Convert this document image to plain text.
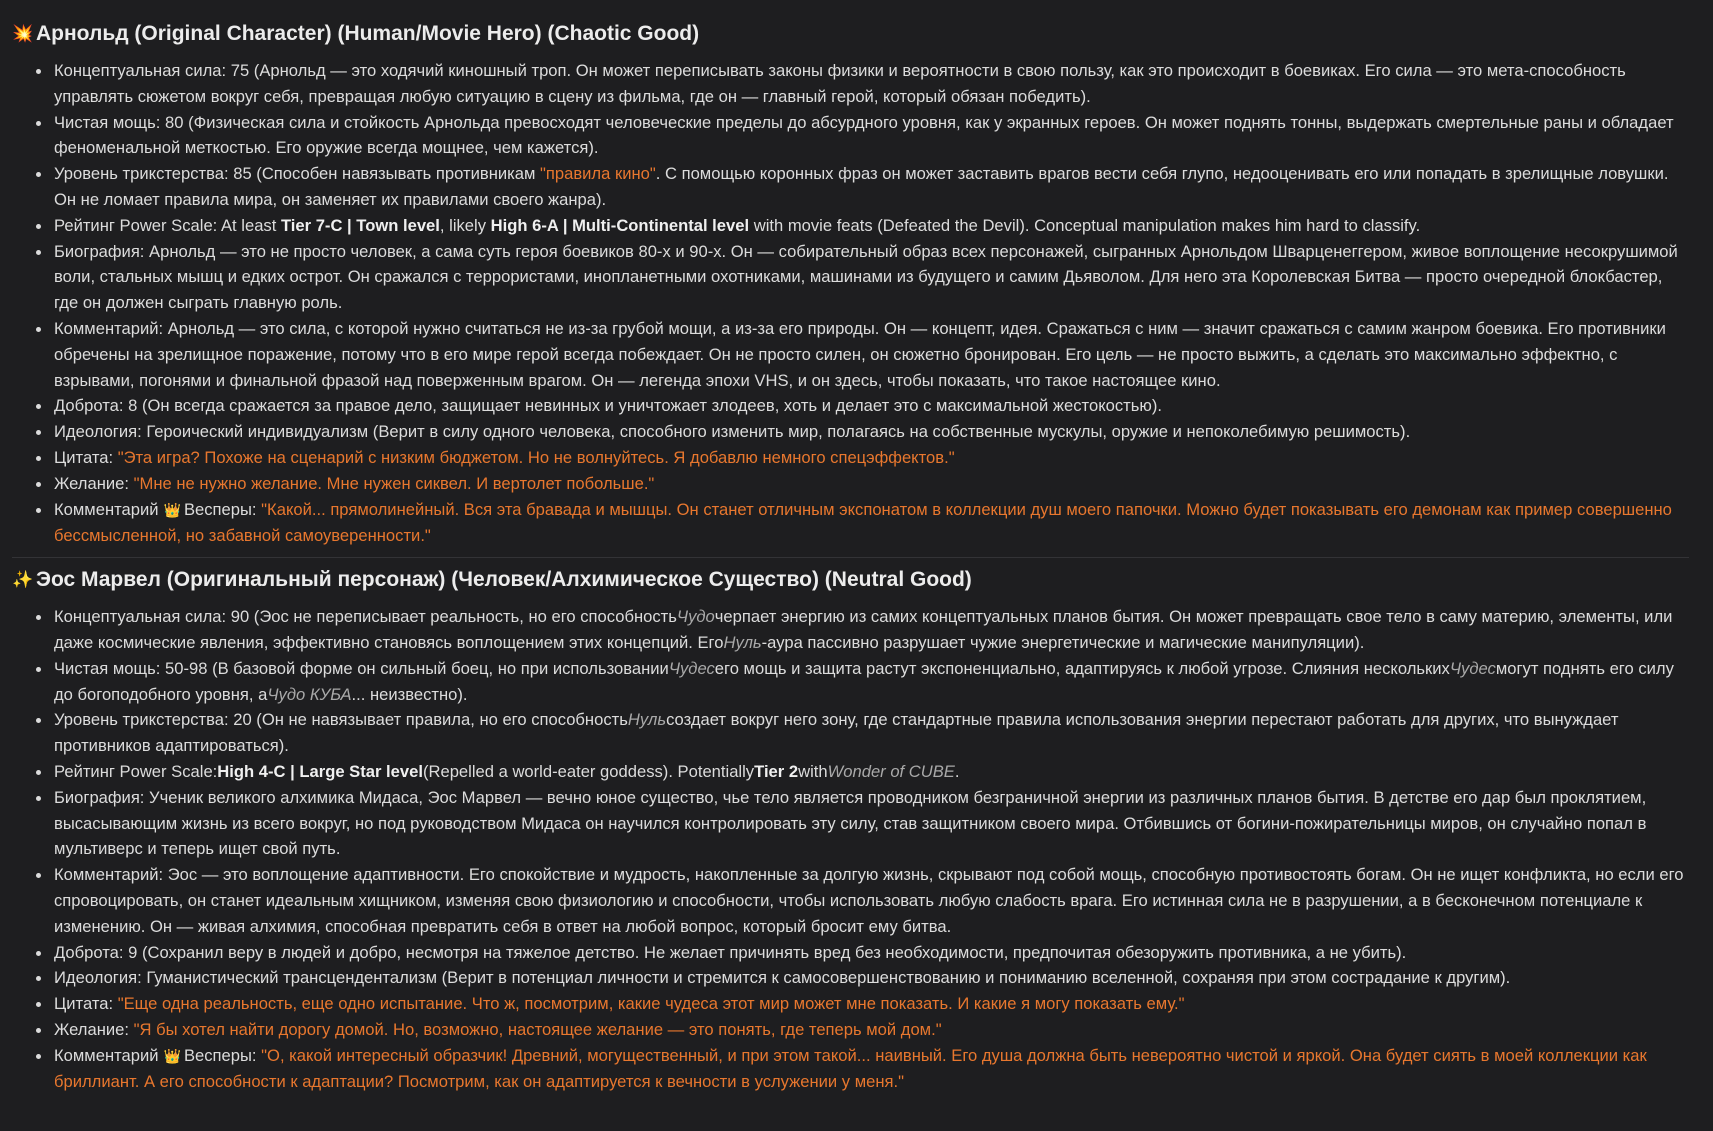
💥 Арнольд (Original Character) (Human/Movie Hero) (Chaotic Good)
Концептуальная сила: 75 (Арнольд — это ходячий киношный троп. Он может переписывать законы физики и вероятности в свою пользу, как это происходит в боевиках. Его сила — это мета-способность управлять сюжетом вокруг себя, превращая любую ситуацию в сцену из фильма, где он — главный герой, который обязан победить).
Чистая мощь: 80 (Физическая сила и стойкость Арнольда превосходят человеческие пределы до абсурдного уровня, как у экранных героев. Он может поднять тонны, выдержать смертельные раны и обладает феноменальной меткостью. Его оружие всегда мощнее, чем кажется).
Уровень трикстерства: 85 (Способен навязывать противникам "правила кино". С помощью коронных фраз он может заставить врагов вести себя глупо, недооценивать его или попадать в зрелищные ловушки. Он не ломает правила мира, он заменяет их правилами своего жанра).
Рейтинг Power Scale: At least Tier 7-C | Town level, likely High 6-A | Multi-Continental level with movie feats (Defeated the Devil). Conceptual manipulation makes him hard to classify.
Биография: Арнольд — это не просто человек, а сама суть героя боевиков 80-х и 90-х. Он — собирательный образ всех персонажей, сыгранных Арнольдом Шварценеггером, живое воплощение несокрушимой воли, стальных мышц и едких острот. Он сражался с террористами, инопланетными охотниками, машинами из будущего и самим Дьяволом. Для него эта Королевская Битва — просто очередной блокбастер, где он должен сыграть главную роль.
Комментарий: Арнольд — это сила, с которой нужно считаться не из-за грубой мощи, а из-за его природы. Он — концепт, идея. Сражаться с ним — значит сражаться с самим жанром боевика. Его противники обречены на зрелищное поражение, потому что в его мире герой всегда побеждает. Он не просто силен, он сюжетно бронирован. Его цель — не просто выжить, а сделать это максимально эффектно, с взрывами, погонями и финальной фразой над поверженным врагом. Он — легенда эпохи VHS, и он здесь, чтобы показать, что такое настоящее кино.
Доброта: 8 (Он всегда сражается за правое дело, защищает невинных и уничтожает злодеев, хоть и делает это с максимальной жестокостью).
Идеология: Героический индивидуализм (Верит в силу одного человека, способного изменить мир, полагаясь на собственные мускулы, оружие и непоколебимую решимость).
Цитата: "Эта игра? Похоже на сценарий с низким бюджетом. Но не волнуйтесь. Я добавлю немного спецэффектов."
Желание: "Мне не нужно желание. Мне нужен сиквел. И вертолет побольше."
Комментарий 👑 Весперы: "Какой... прямолинейный. Вся эта бравада и мышцы. Он станет отличным экспонатом в коллекции душ моего папочки. Можно будет показывать его демонам как пример совершенно бессмысленной, но забавной самоуверенности."
✨ Эос Марвел (Оригинальный персонаж) (Человек/Алхимическое Существо) (Neutral Good)
Концептуальная сила: 90 (Эос не переписывает реальность, но его способностьЧудочерпает энергию из самих концептуальных планов бытия. Он может превращать свое тело в саму материю, элементы, или даже космические явления, эффективно становясь воплощением этих концепций. ЕгоНуль-аура пассивно разрушает чужие энергетические и магические манипуляции).
Чистая мощь: 50-98 (В базовой форме он сильный боец, но при использованииЧудесего мощь и защита растут экспоненциально, адаптируясь к любой угрозе. Слияния несколькихЧудесмогут поднять его силу до богоподобного уровня, аЧудо КУБА... неизвестно).
Уровень трикстерства: 20 (Он не навязывает правила, но его способностьНульсоздает вокруг него зону, где стандартные правила использования энергии перестают работать для других, что вынуждает противников адаптироваться).
Рейтинг Power Scale:High 4-C | Large Star level(Repelled a world-eater goddess). PotentiallyTier 2withWonder of CUBE.
Биография: Ученик великого алхимика Мидаса, Эос Марвел — вечно юное существо, чье тело является проводником безграничной энергии из различных планов бытия. В детстве его дар был проклятием, высасывающим жизнь из всего вокруг, но под руководством Мидаса он научился контролировать эту силу, став защитником своего мира. Отбившись от богини-пожирательницы миров, он случайно попал в мультиверс и теперь ищет свой путь.
Комментарий: Эос — это воплощение адаптивности. Его спокойствие и мудрость, накопленные за долгую жизнь, скрывают под собой мощь, способную противостоять богам. Он не ищет конфликта, но если его спровоцировать, он станет идеальным хищником, изменяя свою физиологию и способности, чтобы использовать любую слабость врага. Его истинная сила не в разрушении, а в бесконечном потенциале к изменению. Он — живая алхимия, способная превратить себя в ответ на любой вопрос, который бросит ему битва.
Доброта: 9 (Сохранил веру в людей и добро, несмотря на тяжелое детство. Не желает причинять вред без необходимости, предпочитая обезоружить противника, а не убить).
Идеология: Гуманистический трансцендентализм (Верит в потенциал личности и стремится к самосовершенствованию и пониманию вселенной, сохраняя при этом сострадание к другим).
Цитата: "Еще одна реальность, еще одно испытание. Что ж, посмотрим, какие чудеса этот мир может мне показать. И какие я могу показать ему."
Желание: "Я бы хотел найти дорогу домой. Но, возможно, настоящее желание — это понять, где теперь мой дом."
Комментарий 👑 Весперы: "О, какой интересный образчик! Древний, могущественный, и при этом такой... наивный. Его душа должна быть невероятно чистой и яркой. Она будет сиять в моей коллекции как бриллиант. А его способности к адаптации? Посмотрим, как он адаптируется к вечности в услужении у меня."
